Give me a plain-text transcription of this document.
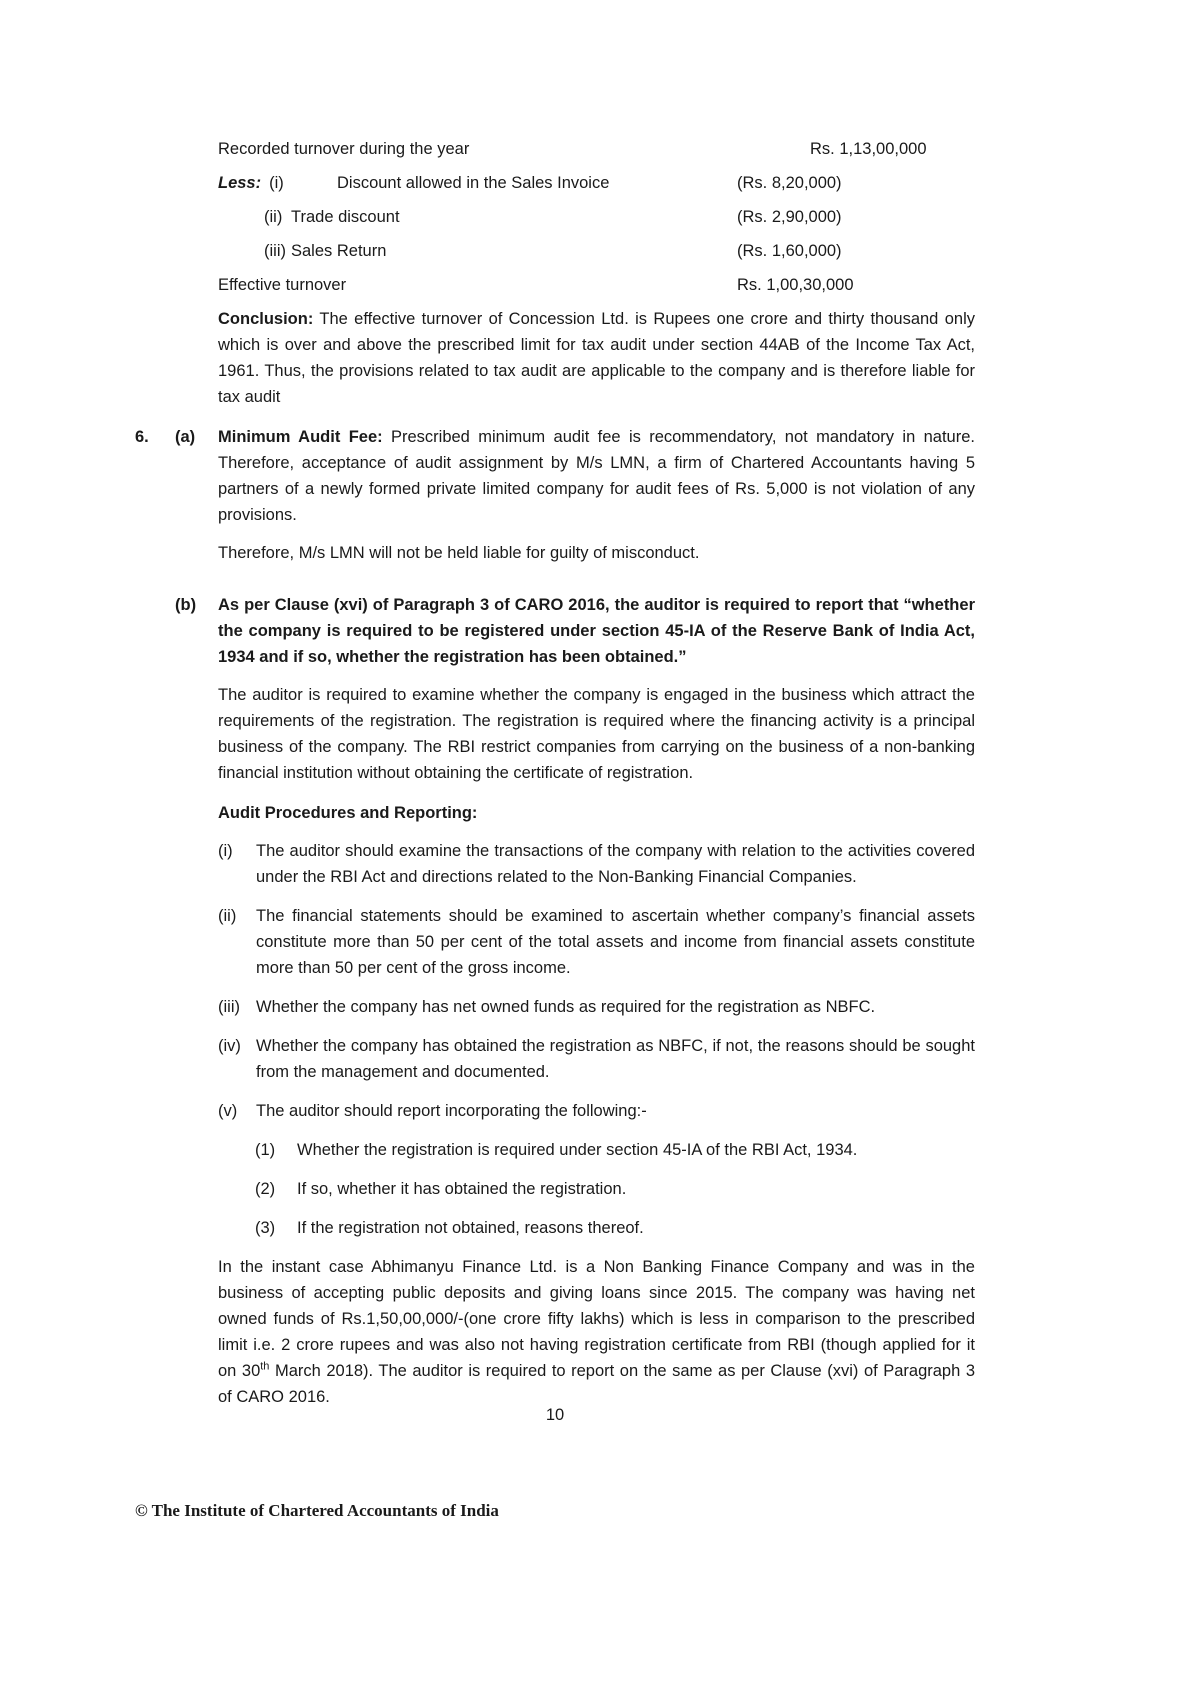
Recorded turnover during the year	Rs. 1,13,00,000
Less: (i)	Discount allowed in the Sales Invoice	(Rs. 8,20,000)
(ii) Trade discount	(Rs. 2,90,000)
(iii) Sales Return	(Rs. 1,60,000)
Effective turnover	Rs. 1,00,30,000

Conclusion: The effective turnover of Concession Ltd. is Rupees one crore and thirty thousand only which is over and above the prescribed limit for tax audit under section 44AB of the Income Tax Act, 1961. Thus, the provisions related to tax audit are applicable to the company and is therefore liable for tax audit

6.	(a)	Minimum Audit Fee: Prescribed minimum audit fee is recommendatory, not mandatory in nature. Therefore, acceptance of audit assignment by M/s LMN, a firm of Chartered Accountants having 5 partners of a newly formed private limited company for audit fees of Rs. 5,000 is not violation of any provisions.

Therefore, M/s LMN will not be held liable for guilty of misconduct.

(b)	As per Clause (xvi) of Paragraph 3 of CARO 2016, the auditor is required to report that “whether the company is required to be registered under section 45-IA of the Reserve Bank of India Act, 1934 and if so, whether the registration has been obtained.”

The auditor is required to examine whether the company is engaged in the business which attract the requirements of the registration. The registration is required where the financing activity is a principal business of the company. The RBI restrict companies from carrying on the business of a non-banking financial institution without obtaining the certificate of registration.

Audit Procedures and Reporting:
(i)	The auditor should examine the transactions of the company with relation to the activities covered under the RBI Act and directions related to the Non-Banking Financial Companies.
(ii)	The financial statements should be examined to ascertain whether company’s financial assets constitute more than 50 per cent of the total assets and income from financial assets constitute more than 50 per cent of the gross income.
(iii) Whether the company has net owned funds as required for the registration as NBFC.
(iv) Whether the company has obtained the registration as NBFC, if not, the reasons should be sought from the management and documented.
(v)	The auditor should report incorporating the following:-
(1)	Whether the registration is required under section 45-IA of the RBI Act, 1934.
(2)	If so, whether it has obtained the registration.
(3)	If the registration not obtained, reasons thereof.

In the instant case Abhimanyu Finance Ltd. is a Non Banking Finance Company and was in the business of accepting public deposits and giving loans since 2015. The company was having net owned funds of Rs.1,50,00,000/-(one crore fifty lakhs) which is less in comparison to the prescribed limit i.e. 2 crore rupees and was also not having registration certificate from RBI (though applied for it on 30th March 2018). The auditor is required to report on the same as per Clause (xvi) of Paragraph 3 of CARO 2016.

10
© The Institute of Chartered Accountants of India
